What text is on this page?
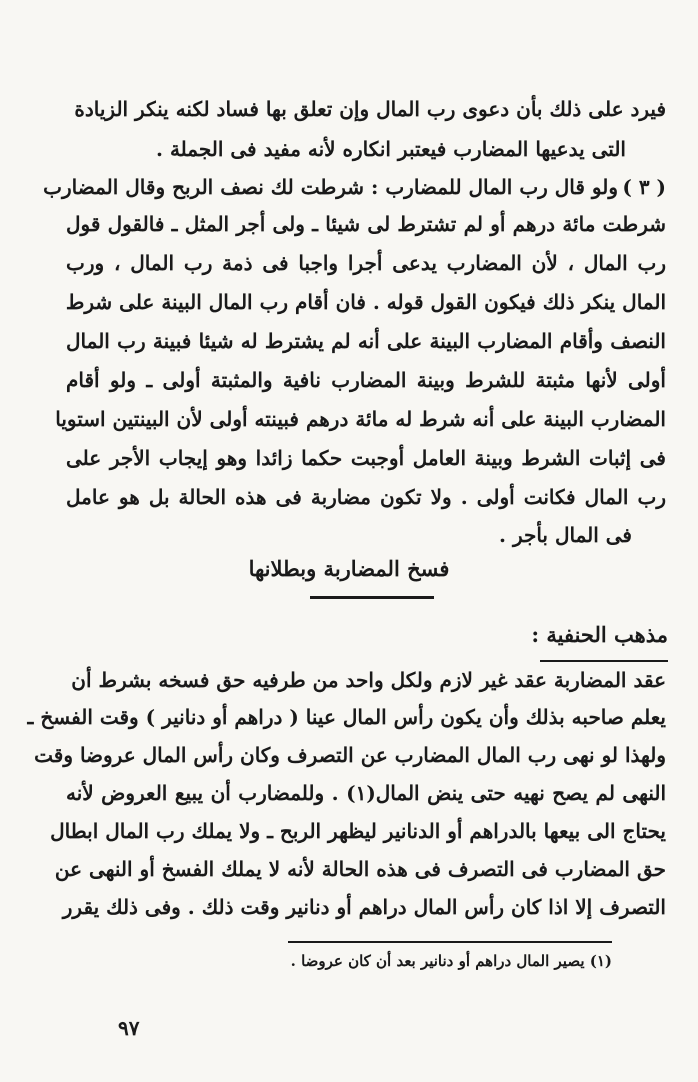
فيرد على ذلك بأن دعوى رب المال وإن تعلق بها فساد لكنه ينكر الزيادة
التى يدعيها المضارب فيعتبر انكاره لأنه مفيد فى الجملة .
( ٣ )
ولو قال رب المال للمضارب : شرطت لك نصف الربح وقال المضارب
شرطت مائة درهم أو لم تشترط لى شيئا ـ ولى أجر المثل ـ فالقول قول
رب المال ، لأن المضارب يدعى أجرا واجبا فى ذمة رب المال ، ورب
المال ينكر ذلك فيكون القول قوله . فان أقام رب المال البينة على شرط
النصف وأقام المضارب البينة على أنه لم يشترط له شيئا فبينة رب المال
أولى لأنها مثبتة للشرط وبينة المضارب نافية والمثبتة أولى ـ ولو أقام
المضارب البينة على أنه شرط له مائة درهم فبينته أولى لأن البينتين استويا
فى إثبات الشرط وبينة العامل أوجبت حكما زائدا وهو إيجاب الأجر على
رب المال فكانت أولى . ولا تكون مضاربة فى هذه الحالة بل هو عامل
فى المال بأجر .
فسخ المضاربة وبطلانها
مذهب الحنفية :
عقد المضاربة عقد غير لازم ولكل واحد من طرفيه حق فسخه بشرط أن
يعلم صاحبه بذلك وأن يكون رأس المال عينا ( دراهم أو دنانير ) وقت الفسخ ـ
ولهذا لو نهى رب المال المضارب عن التصرف وكان رأس المال عروضا وقت
النهى لم يصح نهيه حتى ينض المال(١) . وللمضارب أن يبيع العروض لأنه
يحتاج الى بيعها بالدراهم أو الدنانير ليظهر الربح ـ ولا يملك رب المال ابطال
حق المضارب فى التصرف فى هذه الحالة لأنه لا يملك الفسخ أو النهى عن
التصرف إلا اذا كان رأس المال دراهم أو دنانير وقت ذلك . وفى ذلك يقرر
(١) يصير المال دراهم أو دنانير بعد أن كان عروضا .
٩٧
